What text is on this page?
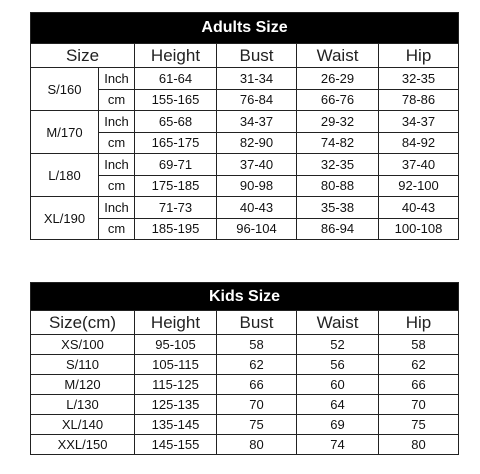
Adults Size					
Size		Height	Bust	Waist	Hip
S/160	Inch	61-64	31-34	26-29	32-35
	cm	155-165	76-84	66-76	78-86
M/170	Inch	65-68	34-37	29-32	34-37
	cm	165-175	82-90	74-82	84-92
L/180	Inch	69-71	37-40	32-35	37-40
	cm	175-185	90-98	80-88	92-100
XL/190	Inch	71-73	40-43	35-38	40-43
	cm	185-195	96-104	86-94	100-108
Kids Size				
Size(cm)	Height	Bust	Waist	Hip
XS/100	95-105	58	52	58
S/110	105-115	62	56	62
M/120	115-125	66	60	66
L/130	125-135	70	64	70
XL/140	135-145	75	69	75
XXL/150	145-155	80	74	80
